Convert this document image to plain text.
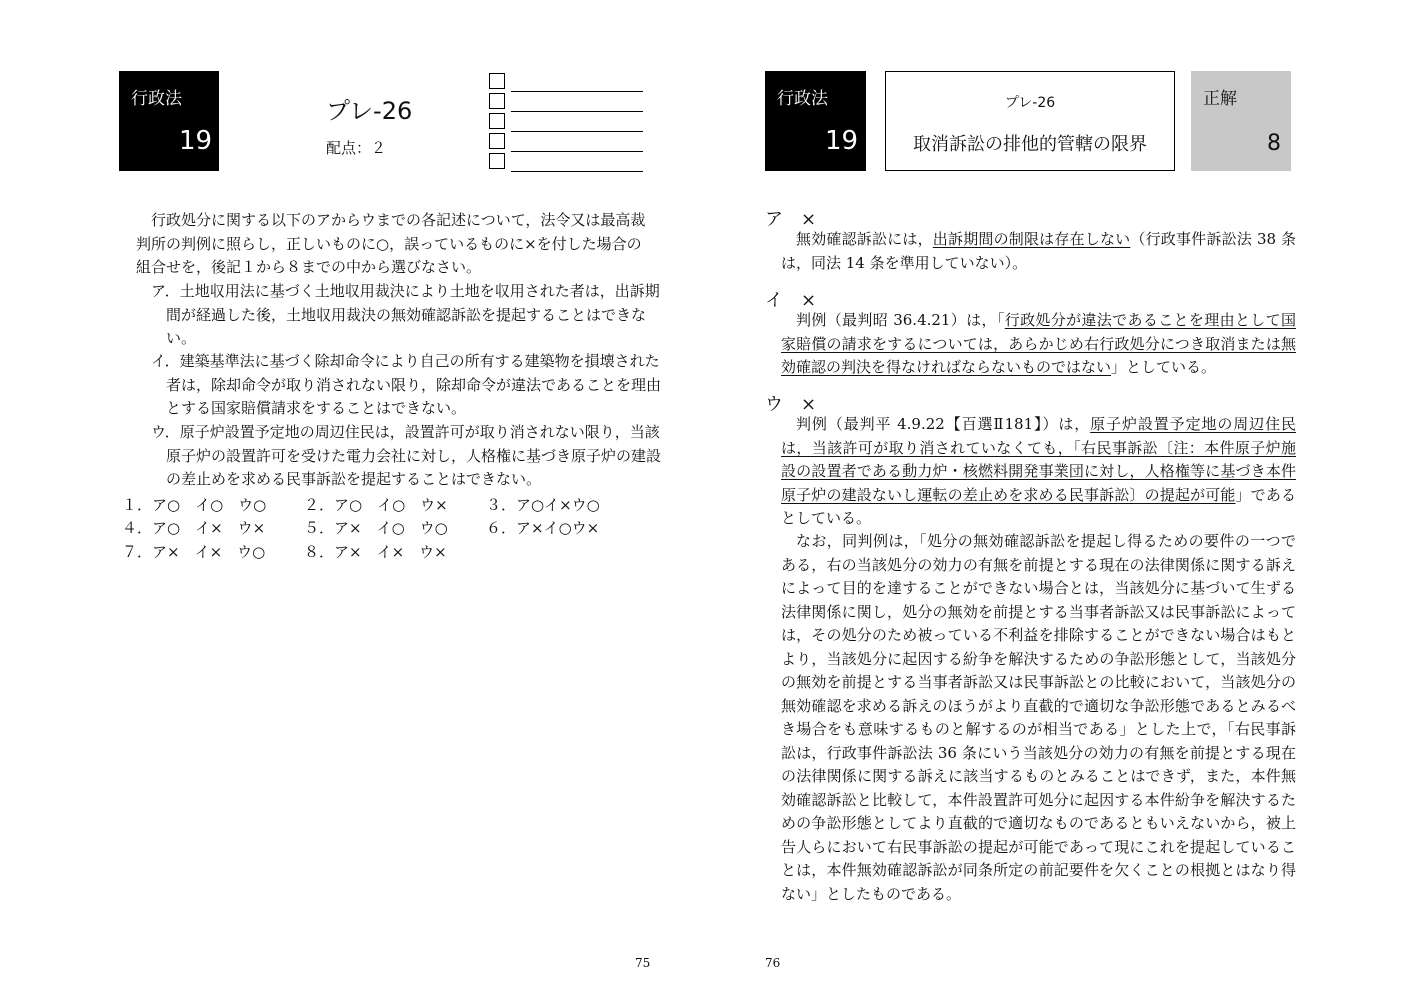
行政法
19
プレ-26
配点：２
行政処分に関する以下のアからウまでの各記述について，法令又は最高裁判所の判例に照らし，正しいものに○，誤っているものに×を付した場合の組合せを，後記１から８までの中から選びなさい。
ア．土地収用法に基づく土地収用裁決により土地を収用された者は，出訴期間が経過した後，土地収用裁決の無効確認訴訟を提起することはできない。
イ．建築基準法に基づく除却命令により自己の所有する建築物を損壊された者は，除却命令が取り消されない限り，除却命令が違法であることを理由とする国家賠償請求をすることはできない。
ウ．原子炉設置予定地の周辺住民は，設置許可が取り消されない限り，当該原子炉の設置許可を受けた電力会社に対し，人格権に基づき原子炉の建設の差止めを求める民事訴訟を提起することはできない。
１．ア○　イ○　ウ○	２．ア○　イ○　ウ×	３．ア○イ×ウ○
４．ア○　イ×　ウ×	５．ア×　イ○　ウ○	６．ア×イ○ウ×
７．ア×　イ×　ウ○	８．ア×　イ×　ウ×
75
行政法
19
プレ-26
取消訴訟の排他的管轄の限界
正解
8
ア　×
無効確認訴訟には，出訴期間の制限は存在しない（行政事件訴訟法 38 条は，同法 14 条を準用していない）。
イ　×
判例（最判昭 36.4.21）は，「行政処分が違法であることを理由として国家賠償の請求をするについては，あらかじめ右行政処分につき取消または無効確認の判決を得なければならないものではない」としている。
ウ　×
判例（最判平 4.9.22【百選Ⅱ181】）は，原子炉設置予定地の周辺住民は，当該許可が取り消されていなくても，「右民事訴訟〔注：本件原子炉施設の設置者である動力炉・核燃料開発事業団に対し，人格権等に基づき本件原子炉の建設ないし運転の差止めを求める民事訴訟〕の提起が可能」であるとしている。
なお，同判例は，「処分の無効確認訴訟を提起し得るための要件の一つである，右の当該処分の効力の有無を前提とする現在の法律関係に関する訴えによって目的を達することができない場合とは，当該処分に基づいて生ずる法律関係に関し，処分の無効を前提とする当事者訴訟又は民事訴訟によっては，その処分のため被っている不利益を排除することができない場合はもとより，当該処分に起因する紛争を解決するための争訟形態として，当該処分の無効を前提とする当事者訴訟又は民事訴訟との比較において，当該処分の無効確認を求める訴えのほうがより直截的で適切な争訟形態であるとみるべき場合をも意味するものと解するのが相当である」とした上で，「右民事訴訟は，行政事件訴訟法 36 条にいう当該処分の効力の有無を前提とする現在の法律関係に関する訴えに該当するものとみることはできず，また，本件無効確認訴訟と比較して，本件設置許可処分に起因する本件紛争を解決するための争訟形態としてより直截的で適切なものであるともいえないから，被上告人らにおいて右民事訴訟の提起が可能であって現にこれを提起していることは，本件無効確認訴訟が同条所定の前記要件を欠くことの根拠とはなり得ない」としたものである。
76
